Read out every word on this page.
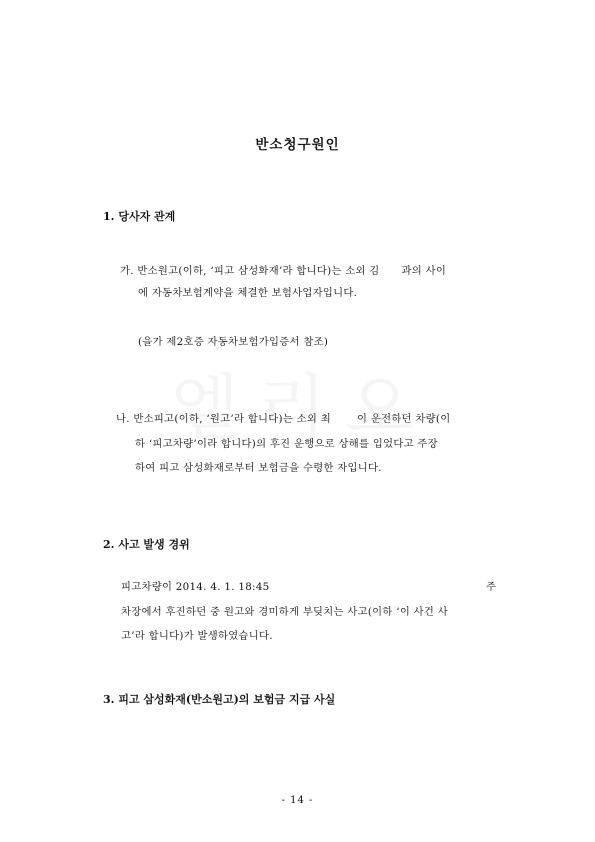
반소청구원인
1. 당사자 관계
가. 반소원고(이하, ‘피고 삼성화재’라 합니다)는 소외 김 과의 사이
에 자동차보험계약을 체결한 보험사업자입니다.
(을가 제2호증 자동차보험가입증서 참조)
나. 반소피고(이하, ‘원고’라 합니다)는 소외 최	이 운전하던 차량(이
하 ‘피고차량’이라 합니다)의 후진 운행으로 상해를 입었다고 주장
하여 피고 삼성화재로부터 보험금을 수령한 자입니다.
2. 사고 발생 경위
피고차량이 2014. 4. 1. 18:45	주
차장에서 후진하던 중 원고와 경미하게 부딪치는 사고(이하 ‘이 사건 사
고’라 합니다)가 발생하였습니다.
3. 피고 삼성화재(반소원고)의 보험금 지급 사실
- 14 -
